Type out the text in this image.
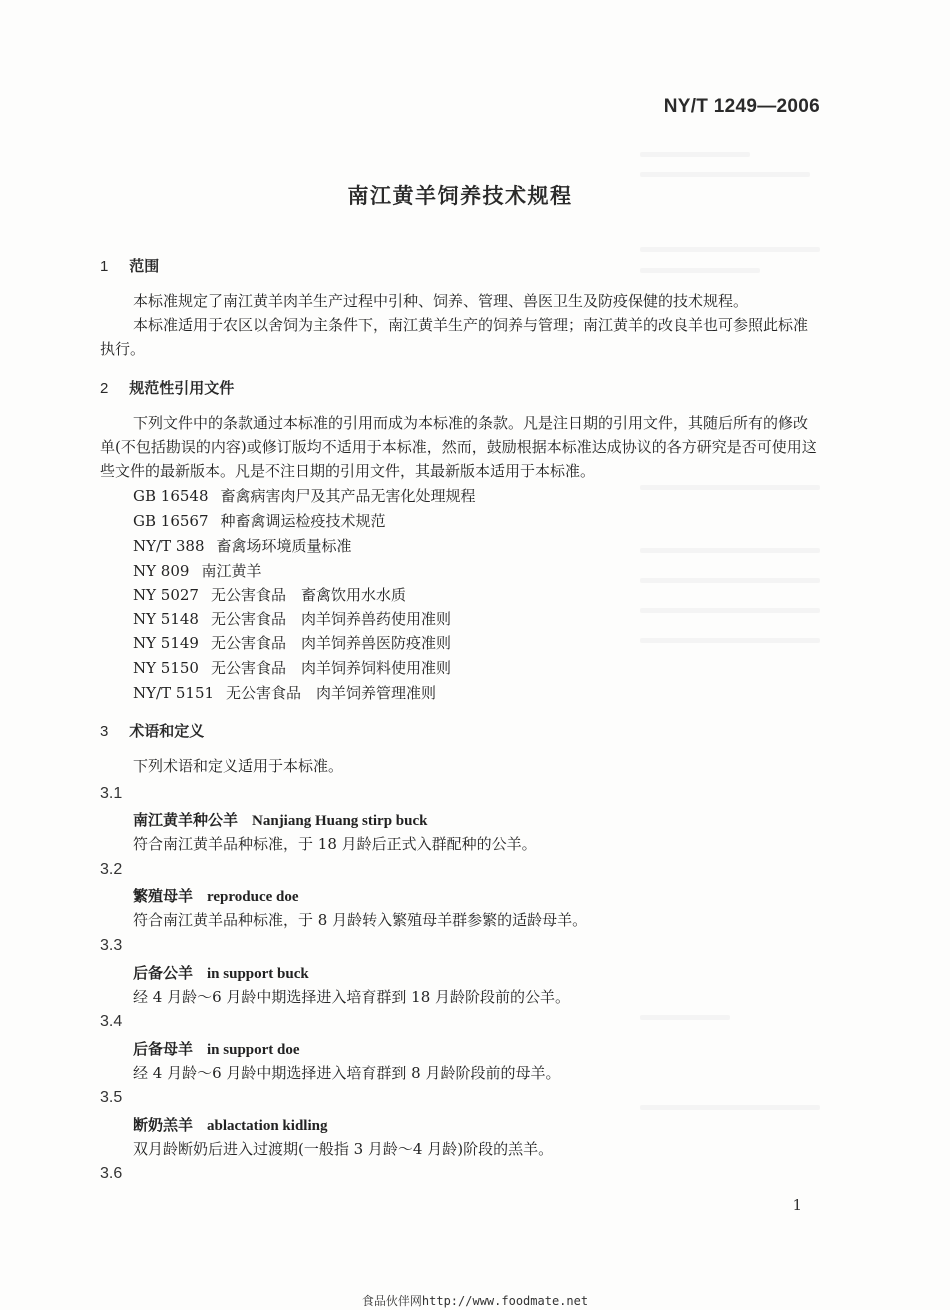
NY/T 1249—2006
南江黄羊饲养技术规程
1 范围
本标准规定了南江黄羊肉羊生产过程中引种、饲养、管理、兽医卫生及防疫保健的技术规程。
本标准适用于农区以舍饲为主条件下，南江黄羊生产的饲养与管理；南江黄羊的改良羊也可参照此标准执行。
2 规范性引用文件
下列文件中的条款通过本标准的引用而成为本标准的条款。凡是注日期的引用文件，其随后所有的修改单(不包括勘误的内容)或修订版均不适用于本标准，然而，鼓励根据本标准达成协议的各方研究是否可使用这些文件的最新版本。凡是不注日期的引用文件，其最新版本适用于本标准。
GB 16548 畜禽病害肉尸及其产品无害化处理规程
GB 16567 种畜禽调运检疫技术规范
NY/T 388 畜禽场环境质量标准
NY 809 南江黄羊
NY 5027 无公害食品　畜禽饮用水水质
NY 5148 无公害食品　肉羊饲养兽药使用准则
NY 5149 无公害食品　肉羊饲养兽医防疫准则
NY 5150 无公害食品　肉羊饲养饲料使用准则
NY/T 5151 无公害食品　肉羊饲养管理准则
3 术语和定义
下列术语和定义适用于本标准。
3.1
南江黄羊种公羊 Nanjiang Huang stirp buck
符合南江黄羊品种标准，于 18 月龄后正式入群配种的公羊。
3.2
繁殖母羊 reproduce doe
符合南江黄羊品种标准，于 8 月龄转入繁殖母羊群参繁的适龄母羊。
3.3
后备公羊 in support buck
经 4 月龄～6 月龄中期选择进入培育群到 18 月龄阶段前的公羊。
3.4
后备母羊 in support doe
经 4 月龄～6 月龄中期选择进入培育群到 8 月龄阶段前的母羊。
3.5
断奶羔羊 ablactation kidling
双月龄断奶后进入过渡期(一般指 3 月龄～4 月龄)阶段的羔羊。
3.6
1
食品伙伴网http://www.foodmate.net
